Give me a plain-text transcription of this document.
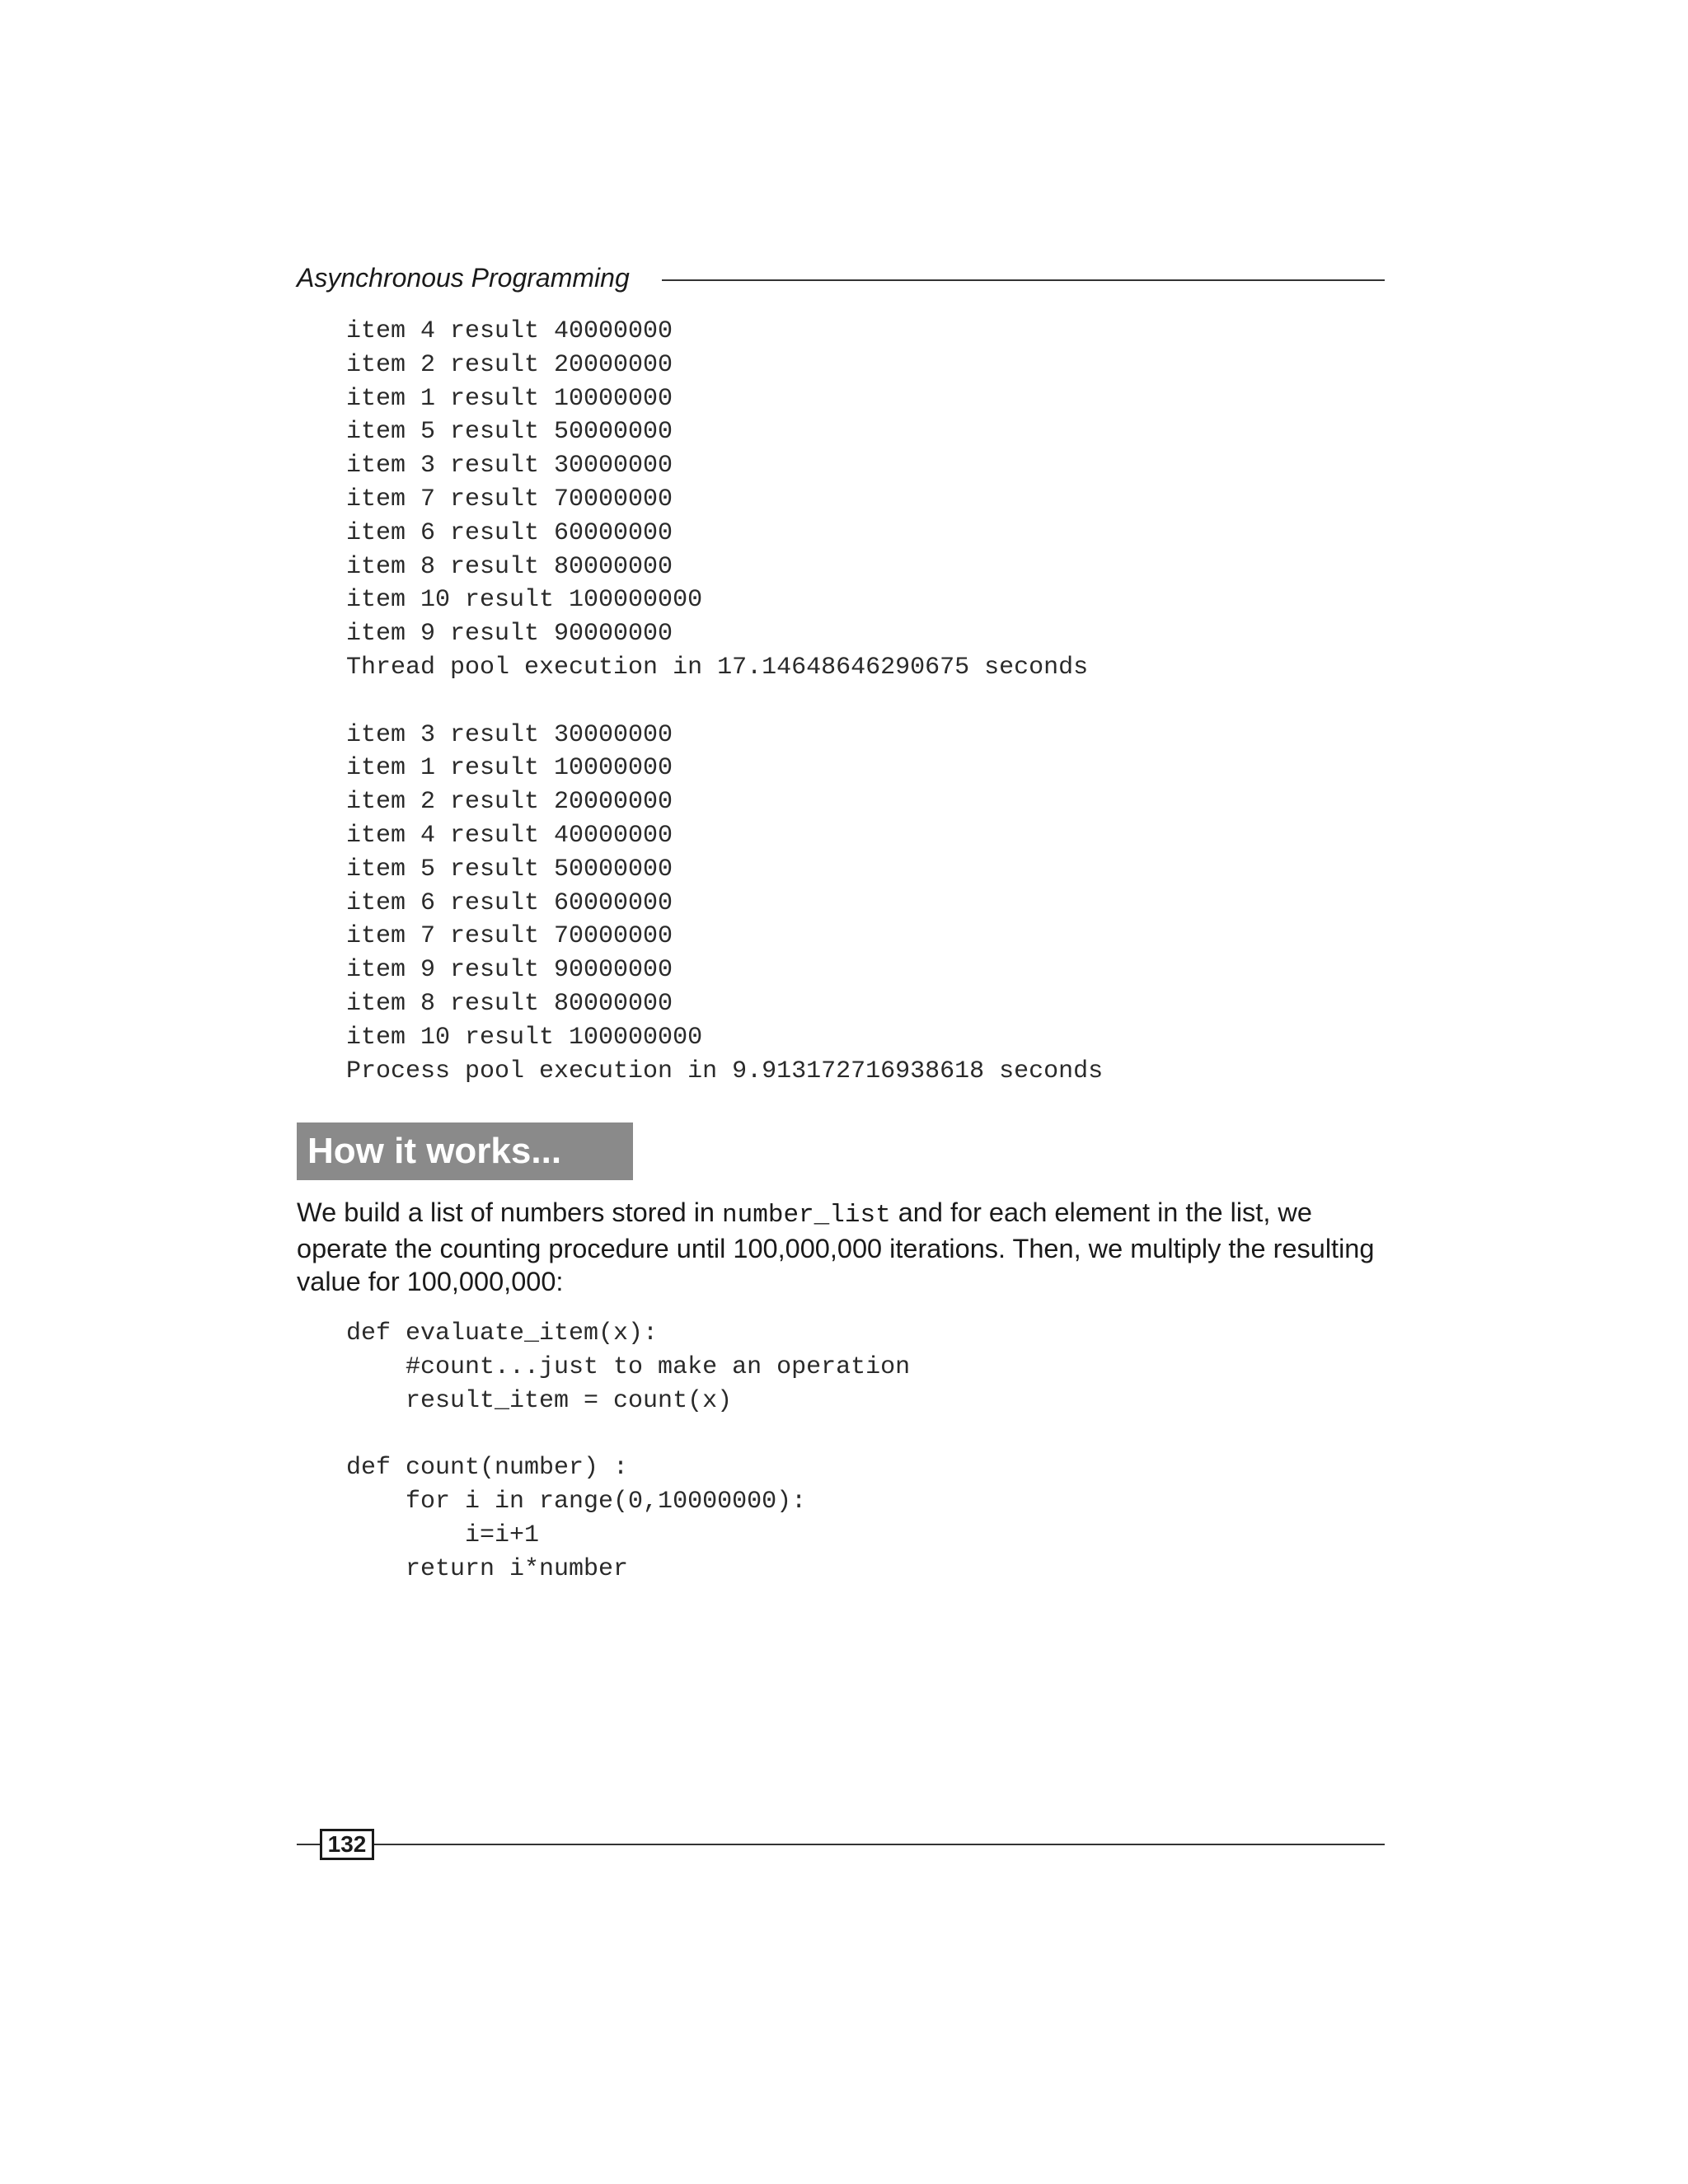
Asynchronous Programming
item 4 result 40000000
item 2 result 20000000
item 1 result 10000000
item 5 result 50000000
item 3 result 30000000
item 7 result 70000000
item 6 result 60000000
item 8 result 80000000
item 10 result 100000000
item 9 result 90000000
Thread pool execution in 17.14648646290675 seconds
item 3 result 30000000
item 1 result 10000000
item 2 result 20000000
item 4 result 40000000
item 5 result 50000000
item 6 result 60000000
item 7 result 70000000
item 9 result 90000000
item 8 result 80000000
item 10 result 100000000
Process pool execution in 9.913172716938618 seconds
How it works...

We build a list of numbers stored in number_list and for each element in the list, we operate the counting procedure until 100,000,000 iterations. Then, we multiply the resulting value for 100,000,000:

def evaluate_item(x):
#count...just to make an operation
result_item = count(x)
def count(number) :
for i in range(0,10000000):
i=i+1
return i*number
132
